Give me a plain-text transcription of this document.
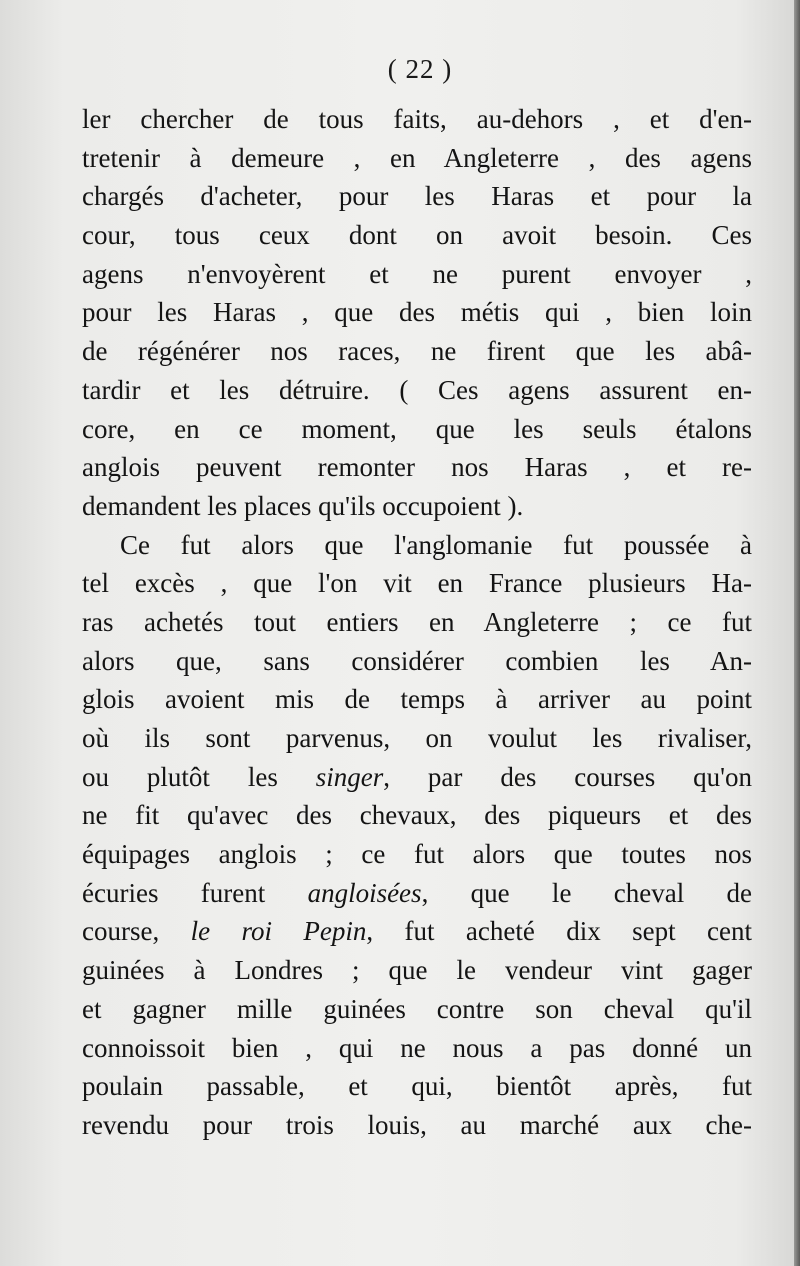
( 22 )
ler chercher de tous faits, au-dehors , et d'en-
tretenir à demeure , en Angleterre , des agens
chargés d'acheter, pour les Haras et pour la
cour, tous ceux dont on avoit besoin. Ces
agens n'envoyèrent et ne purent envoyer ,
pour les Haras , que des métis qui , bien loin
de régénérer nos races, ne firent que les abâ-
tardir et les détruire. ( Ces agens assurent en-
core, en ce moment, que les seuls étalons
anglois peuvent remonter nos Haras , et re-
demandent les places qu'ils occupoient ).
Ce fut alors que l'anglomanie fut poussée à
tel excès , que l'on vit en France plusieurs Ha-
ras achetés tout entiers en Angleterre ; ce fut
alors que, sans considérer combien les An-
glois avoient mis de temps à arriver au point
où ils sont parvenus, on voulut les rivaliser,
ou plutôt les singer, par des courses qu'on
ne fit qu'avec des chevaux, des piqueurs et des
équipages anglois ; ce fut alors que toutes nos
écuries furent angloisées, que le cheval de
course, le roi Pepin, fut acheté dix sept cent
guinées à Londres ; que le vendeur vint gager
et gagner mille guinées contre son cheval qu'il
connoissoit bien , qui ne nous a pas donné un
poulain passable, et qui, bientôt après, fut
revendu pour trois louis, au marché aux che-
